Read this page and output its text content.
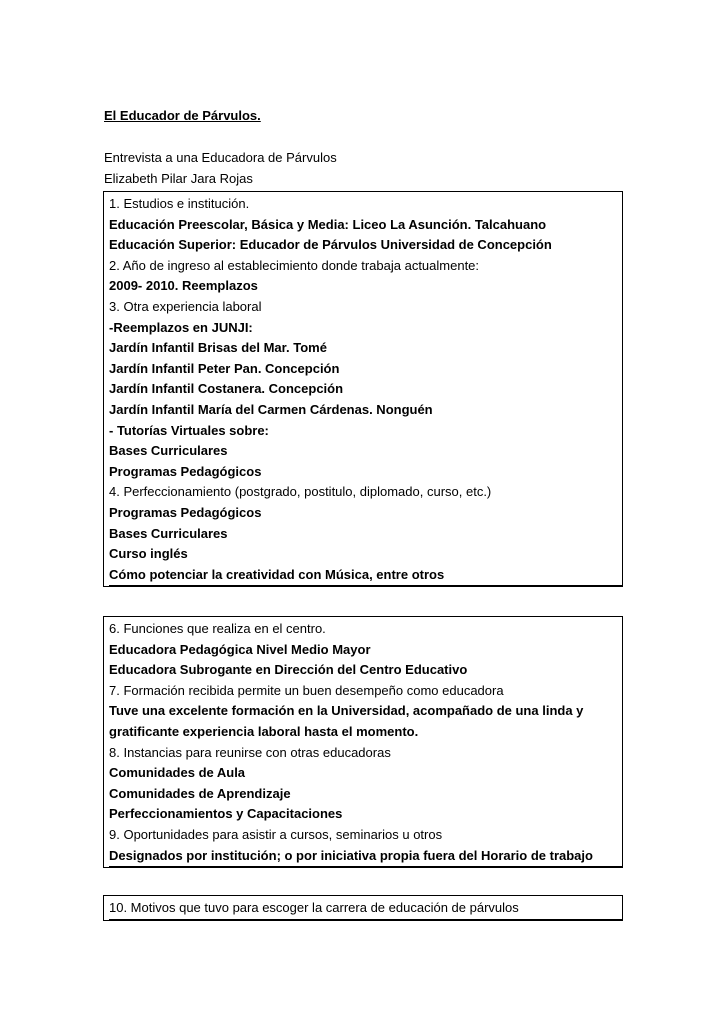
El Educador de Párvulos.
Entrevista a una Educadora de Párvulos
Elizabeth Pilar Jara Rojas
1. Estudios e institución.
Educación Preescolar, Básica y Media: Liceo La Asunción. Talcahuano
Educación Superior: Educador de Párvulos Universidad de Concepción
2. Año de ingreso al establecimiento donde trabaja actualmente:
2009- 2010. Reemplazos
3. Otra experiencia laboral
-Reemplazos en JUNJI:
Jardín Infantil Brisas del Mar. Tomé
Jardín Infantil Peter Pan. Concepción
Jardín Infantil Costanera. Concepción
Jardín Infantil María del Carmen Cárdenas. Nonguén
- Tutorías Virtuales sobre:
Bases Curriculares
Programas Pedagógicos
4. Perfeccionamiento (postgrado, postitulo, diplomado, curso, etc.)
Programas Pedagógicos
Bases Curriculares
Curso inglés
Cómo potenciar la creatividad con Música, entre otros
6. Funciones que realiza en el centro.
Educadora Pedagógica Nivel Medio Mayor
Educadora Subrogante en Dirección del Centro Educativo
7. Formación recibida permite un buen desempeño como educadora
Tuve una excelente formación en la Universidad, acompañado de una linda y
gratificante experiencia laboral hasta el momento.
8. Instancias para reunirse con otras educadoras
Comunidades de Aula
Comunidades de Aprendizaje
Perfeccionamientos y Capacitaciones
9. Oportunidades para asistir a cursos, seminarios u otros
Designados por institución; o por iniciativa propia fuera del Horario de trabajo
10. Motivos que tuvo para escoger la carrera de educación de párvulos
